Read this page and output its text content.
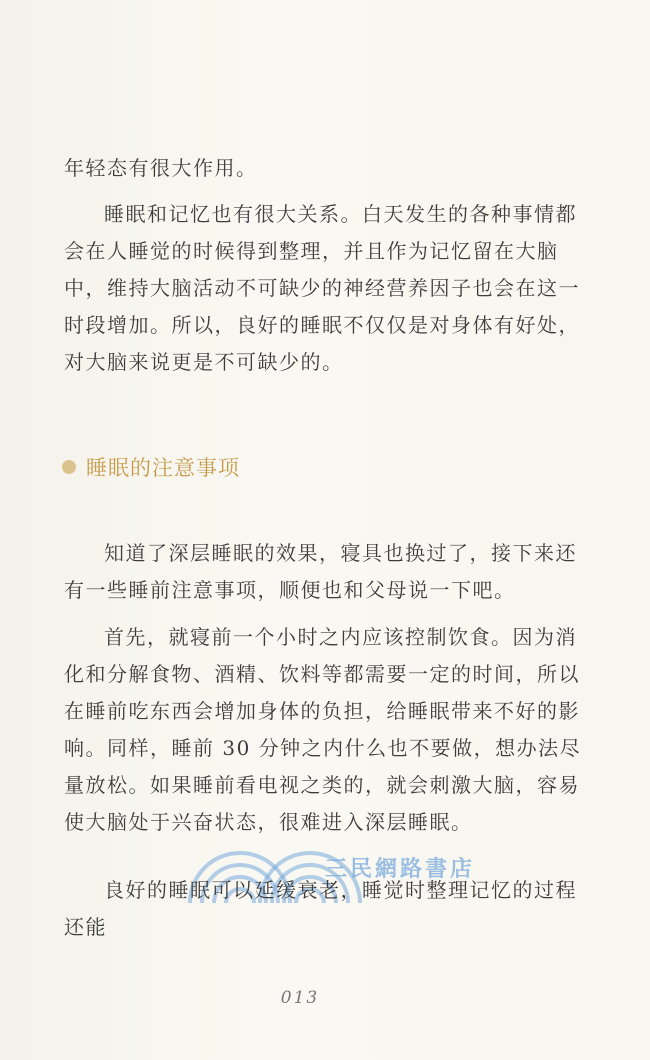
年轻态有很大作用。

睡眠和记忆也有很大关系。白天发生的各种事情都会在人睡觉的时候得到整理，并且作为记忆留在大脑中，维持大脑活动不可缺少的神经营养因子也会在这一时段增加。所以，良好的睡眠不仅仅是对身体有好处，对大脑来说更是不可缺少的。

睡眠的注意事项

知道了深层睡眠的效果，寝具也换过了，接下来还有一些睡前注意事项，顺便也和父母说一下吧。

首先，就寝前一个小时之内应该控制饮食。因为消化和分解食物、酒精、饮料等都需要一定的时间，所以在睡前吃东西会增加身体的负担，给睡眠带来不好的影响。同样，睡前 30 分钟之内什么也不要做，想办法尽量放松。如果睡前看电视之类的，就会刺激大脑，容易使大脑处于兴奋状态，很难进入深层睡眠。

三民網路書店

良好的睡眠可以延缓衰老，睡觉时整理记忆的过程还能

013
